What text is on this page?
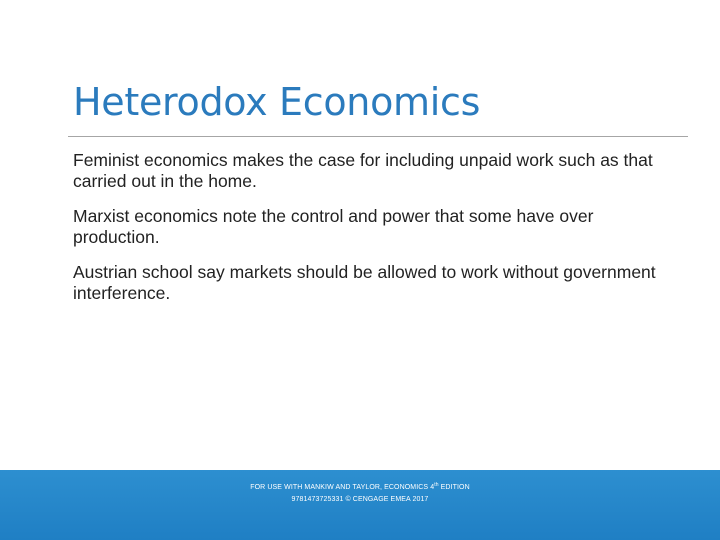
Heterodox Economics
Feminist economics makes the case for including unpaid work such as that carried out in the home.
Marxist economics note the control and power that some have over production.
Austrian school say markets should be allowed to work without government interference.
FOR USE WITH MANKIW AND TAYLOR, ECONOMICS 4th EDITION
9781473725331 © CENGAGE EMEA 2017
